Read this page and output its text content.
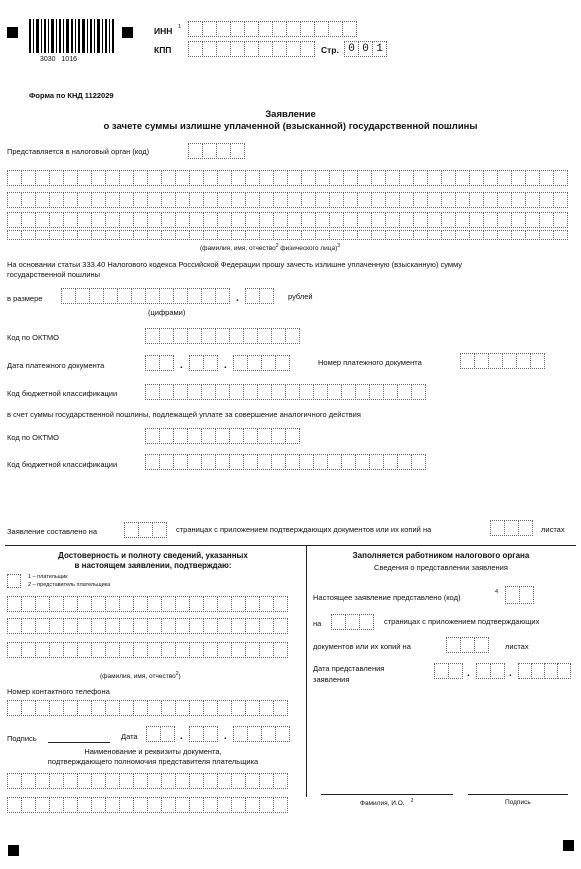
3030   1016
ИНН 1
КПП	Стр. 0 0 1
Форма по КНД 1122029
Заявление
о зачете суммы излишне уплаченной (взысканной) государственной пошлины
Представляется в налоговый орган (код)
(фамилия, имя, отчество$^2$ физического лица)$^3$
На основании статьи 333.40 Налогового кодекса Российской Федерации прошу зачесть излишне уплаченную (взысканную) сумму
государственной пошлины
в размере	.	рублей
(цифрами)
Код по ОКТМО
Дата платежного документа	.	.	Номер платежного документа
Код бюджетной классификации
в счет суммы государственной пошлины, подлежащей уплате за совершение аналогичного действия
Код по ОКТМО
Код бюджетной классификации
Заявление составлено на	страницах с приложением подтверждающих документов или их копий на	листах
Достоверность и полноту сведений, указанных
в настоящем заявлении, подтверждаю:
1 – плательщик
2 – представитель плательщика
(фамилия, имя, отчество$^2$)
Номер контактного телефона
Подпись	Дата	.	.
Наименование и реквизиты документа,
подтверждающего полномочия представителя плательщика
Заполняется работником налогового органа
Сведения о представлении заявления
Настоящее заявление представлено (код)
4
на	страницах с приложением подтверждающих
документов или их копий на	листах
Дата представления
заявления
.	.
Фамилия, И.О. $^2$	Подпись
